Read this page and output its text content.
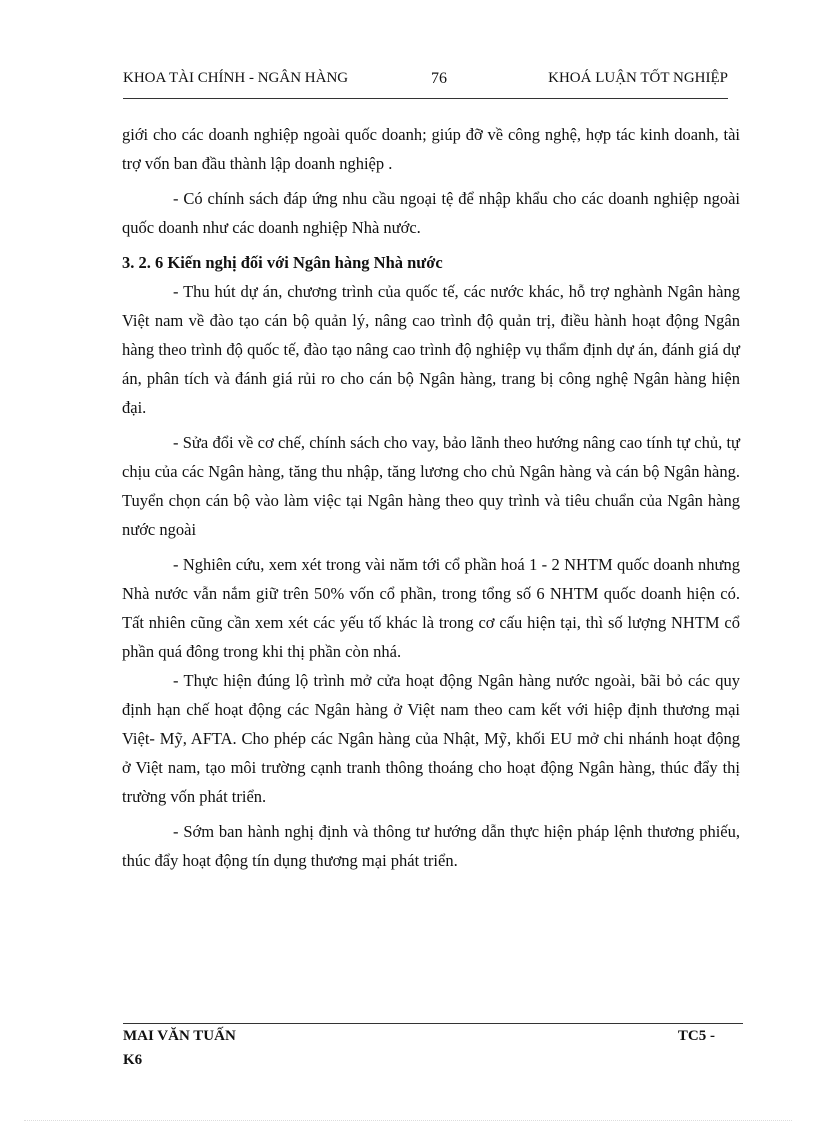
KHOA TÀI CHÍNH - NGÂN HÀNG	76	KHOÁ LUẬN TỐT NGHIỆP

giới cho các doanh nghiệp ngoài quốc doanh; giúp đỡ về công nghệ, hợp tác kinh doanh, tài trợ vốn ban đầu thành lập doanh nghiệp .

- Có chính sách đáp ứng nhu cầu ngoại tệ để nhập khẩu cho các doanh nghiệp ngoài quốc doanh như các doanh nghiệp Nhà nước.

3. 2. 6 Kiến nghị đối với Ngân hàng Nhà nước

- Thu hút dự án, chương trình của quốc tế, các nước khác, hỗ trợ nghành Ngân hàng Việt nam về đào tạo cán bộ quản lý, nâng cao trình độ quản trị, điều hành hoạt động Ngân hàng theo trình độ quốc tế, đào tạo nâng cao trình độ nghiệp vụ thẩm định dự án, đánh giá dự án, phân tích và đánh giá rủi ro cho cán bộ Ngân hàng, trang bị công nghệ Ngân hàng hiện đại.

- Sửa đổi về cơ chế, chính sách cho vay, bảo lãnh theo hướng nâng cao tính tự chủ, tự chịu của các Ngân hàng, tăng thu nhập, tăng lương cho chủ Ngân hàng và cán bộ Ngân hàng. Tuyển chọn cán bộ vào làm việc tại Ngân hàng theo quy trình và tiêu chuẩn của Ngân hàng nước ngoài

- Nghiên cứu, xem xét trong vài năm tới cổ phần hoá 1 - 2 NHTM quốc doanh nhưng Nhà nước vẫn nắm giữ trên 50% vốn cổ phần, trong tổng số 6 NHTM quốc doanh hiện có. Tất nhiên cũng cần xem xét các yếu tố khác là trong cơ cấu hiện tại, thì số lượng NHTM cổ phần quá đông trong khi thị phần còn nhá.

- Thực hiện đúng lộ trình mở cửa hoạt động Ngân hàng nước ngoài, bãi bỏ các quy định hạn chế hoạt động các Ngân hàng ở Việt nam theo cam kết với hiệp định thương mại Việt- Mỹ, AFTA. Cho phép các Ngân hàng của Nhật, Mỹ, khối EU mở chi nhánh hoạt động ở Việt nam, tạo môi trường cạnh tranh thông thoáng cho hoạt động Ngân hàng, thúc đẩy thị trường vốn phát triển.

- Sớm ban hành nghị định và thông tư hướng dẫn thực hiện pháp lệnh thương phiếu, thúc đẩy hoạt động tín dụng thương mại phát triển.

MAI VĂN TUẤN	TC5 -
K6
